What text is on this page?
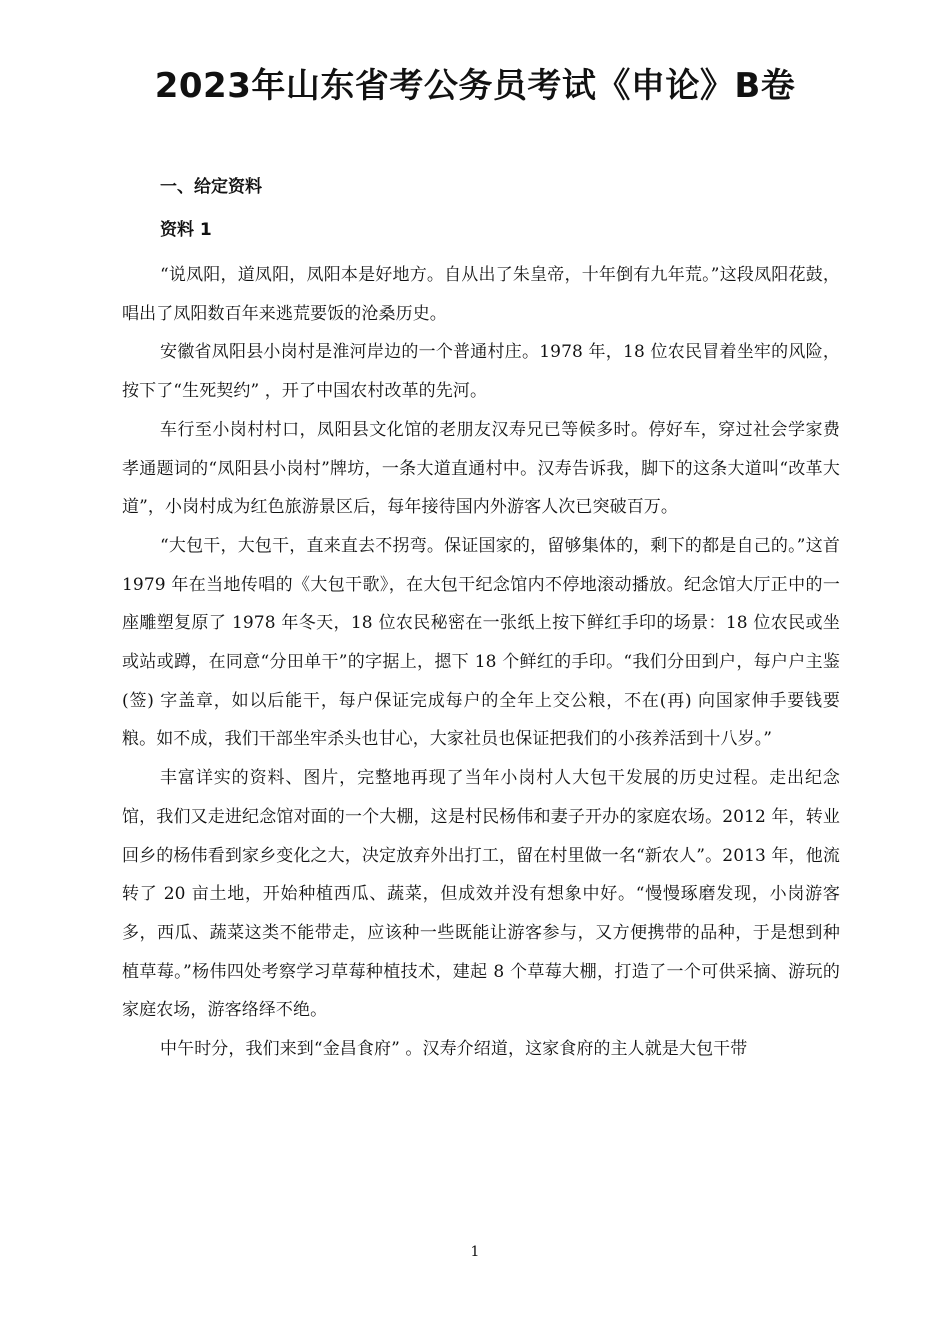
2023年山东省考公务员考试《申论》B卷
一、给定资料
资料 1

“说凤阳，道凤阳，凤阳本是好地方。自从出了朱皇帝，十年倒有九年荒。”这段凤阳花鼓，唱出了凤阳数百年来逃荒要饭的沧桑历史。

安徽省凤阳县小岗村是淮河岸边的一个普通村庄。1978 年，18 位农民冒着坐牢的风险，按下了“生死契约” ，开了中国农村改革的先河。

车行至小岗村村口，凤阳县文化馆的老朋友汉寿兄已等候多时。停好车，穿过社会学家费孝通题词的“凤阳县小岗村”牌坊，一条大道直通村中。汉寿告诉我，脚下的这条大道叫“改革大道”，小岗村成为红色旅游景区后，每年接待国内外游客人次已突破百万。

“大包干，大包干，直来直去不拐弯。保证国家的，留够集体的，剩下的都是自己的。”这首 1979 年在当地传唱的《大包干歌》，在大包干纪念馆内不停地滚动播放。纪念馆大厅正中的一座雕塑复原了 1978 年冬天，18 位农民秘密在一张纸上按下鲜红手印的场景：18 位农民或坐或站或蹲，在同意“分田单干”的字据上，摁下 18 个鲜红的手印。“我们分田到户，每户户主鉴(签) 字盖章，如以后能干，每户保证完成每户的全年上交公粮，不在(再) 向国家伸手要钱要粮。如不成，我们干部坐牢杀头也甘心，大家社员也保证把我们的小孩养活到十八岁。”

丰富详实的资料、图片，完整地再现了当年小岗村人大包干发展的历史过程。走出纪念馆，我们又走进纪念馆对面的一个大棚，这是村民杨伟和妻子开办的家庭农场。2012 年，转业回乡的杨伟看到家乡变化之大，决定放弃外出打工，留在村里做一名“新农人”。2013 年，他流转了 20 亩土地，开始种植西瓜、蔬菜，但成效并没有想象中好。“慢慢琢磨发现，小岗游客多，西瓜、蔬菜这类不能带走，应该种一些既能让游客参与，又方便携带的品种，于是想到种植草莓。”杨伟四处考察学习草莓种植技术，建起 8 个草莓大棚，打造了一个可供采摘、游玩的家庭农场，游客络绎不绝。

中午时分，我们来到“金昌食府” 。汉寿介绍道，这家食府的主人就是大包干带

1
